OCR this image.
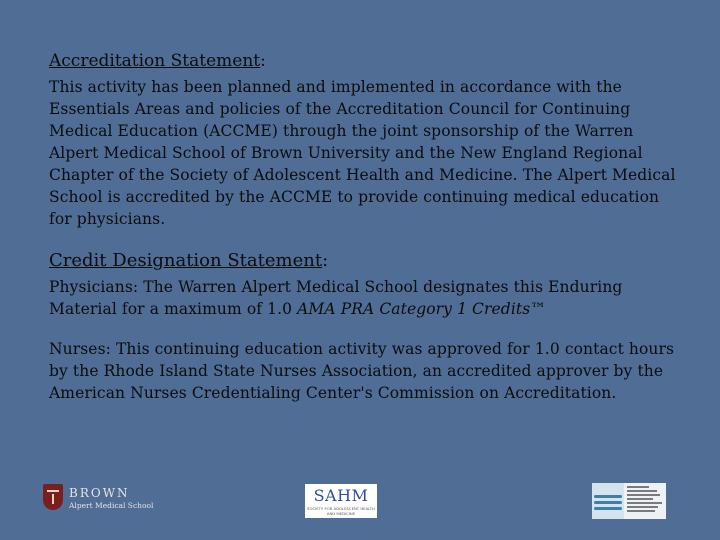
Accreditation Statement:

This activity has been planned and implemented in accordance with the Essentials Areas and policies of the Accreditation Council for Continuing Medical Education (ACCME) through the joint sponsorship of the Warren Alpert Medical School of Brown University and the New England Regional Chapter of the Society of Adolescent Health and Medicine. The Alpert Medical School is accredited by the ACCME to provide continuing medical education for physicians.

Credit Designation Statement:

Physicians: The Warren Alpert Medical School designates this Enduring Material for a maximum of 1.0 AMA PRA Category 1 Credits™

Nurses: This continuing education activity was approved for 1.0 contact hours by the Rhode Island State Nurses Association, an accredited approver by the American Nurses Credentialing Center's Commission on Accreditation.

BROWN
Alpert Medical School
SAHM
SOCIETY FOR ADOLESCENT HEALTH AND MEDICINE
